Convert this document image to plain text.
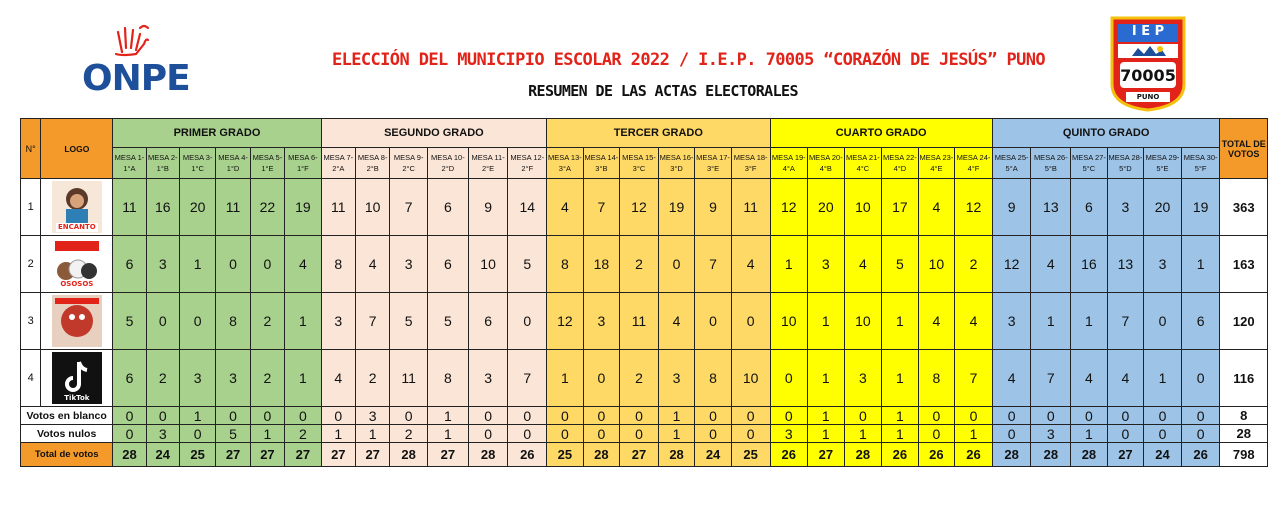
ONPE	ELECCIÓN DEL MUNICIPIO ESCOLAR 2022 / I.E.P. 70005 “CORAZÓN DE JESÚS” PUNO
RESUMEN DE LAS ACTAS ELECTORALES
I E P
70005
PUNO
N°	LOGO	PRIMER GRADO						SEGUNDO GRADO						TERCER GRADO						CUARTO GRADO						QUINTO GRADO						TOTAL DE VOTOS
		MESA 1-1°A	MESA 2-1°B	MESA 3-1°C	MESA 4-1°D	MESA 5-1°E	MESA 6-1°F	MESA 7-2°A	MESA 8-2°B	MESA 9-2°C	MESA 10-2°D	MESA 11-2°E	MESA 12-2°F	MESA 13-3°A	MESA 14-3°B	MESA 15-3°C	MESA 16-3°D	MESA 17-3°E	MESA 18-3°F	MESA 19-4°A	MESA 20-4°B	MESA 21-4°C	MESA 22-4°D	MESA 23-4°E	MESA 24-4°F	MESA 25-5°A	MESA 26-5°B	MESA 27-5°C	MESA 28-5°D	MESA 29-5°E	MESA 30-5°F	
1	ENCANTO	11	16	20	11	22	19	11	10	7	6	9	14	4	7	12	19	9	11	12	20	10	17	4	12	9	13	6	3	20	19	363
2	OSOSOS	6	3	1	0	0	4	8	4	3	6	10	5	8	18	2	0	7	4	1	3	4	5	10	2	12	4	16	13	3	1	163
3		5	0	0	8	2	1	3	7	5	5	6	0	12	3	11	4	0	0	10	1	10	1	4	4	3	1	1	7	0	6	120
4	TikTok	6	2	3	3	2	1	4	2	11	8	3	7	1	0	2	3	8	10	0	1	3	1	8	7	4	7	4	4	1	0	116
Votos en blanco		0	0	1	0	0	0	0	3	0	1	0	0	0	0	0	1	0	0	0	1	0	1	0	0	0	0	0	0	0	0	8
Votos nulos		0	3	0	5	1	2	1	1	2	1	0	0	0	0	0	1	0	0	3	1	1	1	0	1	0	3	1	0	0	0	28
Total de votos		28	24	25	27	27	27	27	27	28	27	28	26	25	28	27	28	24	25	26	27	28	26	26	26	28	28	28	27	24	26	798
